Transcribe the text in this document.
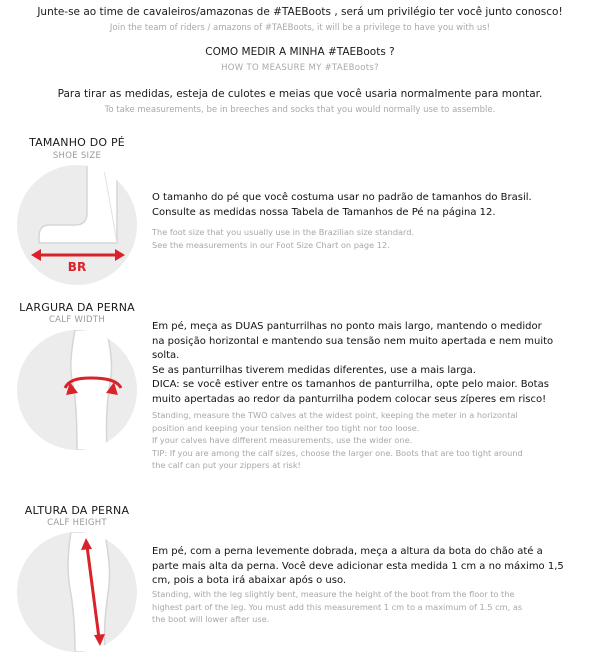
Junte-se ao time de cavaleiros/amazonas de #TAEBoots , será um privilégio ter você junto conosco!
Join the team of riders / amazons of #TAEBoots, it will be a privilege to have you with us!
COMO MEDIR A MINHA #TAEBoots ?
HOW TO MEASURE MY #TAEBoots?
Para tirar as medidas, esteja de culotes e meias que você usaria normalmente para montar.
To take measurements, be in breeches and socks that you would normally use to assemble.
TAMANHO DO PÉ
SHOE SIZE
BR
O tamanho do pé que você costuma usar no padrão de tamanhos do Brasil.
Consulte as medidas nossa Tabela de Tamanhos de Pé na página 12.
The foot size that you usually use in the Brazilian size standard.
See the measurements in our Foot Size Chart on page 12.
LARGURA DA PERNA
CALF WIDTH
Em pé, meça as DUAS panturrilhas no ponto mais largo, mantendo o medidor
na posição horizontal e mantendo sua tensão nem muito apertada e nem muito
solta.
Se as panturrilhas tiverem medidas diferentes, use a mais larga.
DICA: se você estiver entre os tamanhos de panturrilha, opte pelo maior. Botas
muito apertadas ao redor da panturrilha podem colocar seus zíperes em risco!
Standing, measure the TWO calves at the widest point, keeping the meter in a horizontal
position and keeping your tension neither too tight nor too loose.
If your calves have different measurements, use the wider one.
TIP: If you are among the calf sizes, choose the larger one. Boots that are too tight around
the calf can put your zippers at risk!
ALTURA DA PERNA
CALF HEIGHT
Em pé, com a perna levemente dobrada, meça a altura da bota do chão até a
parte mais alta da perna. Você deve adicionar esta medida 1 cm a no máximo 1,5
cm, pois a bota irá abaixar após o uso.
Standing, with the leg slightly bent, measure the height of the boot from the floor to the
highest part of the leg. You must add this measurement 1 cm to a maximum of 1.5 cm, as
the boot will lower after use.
